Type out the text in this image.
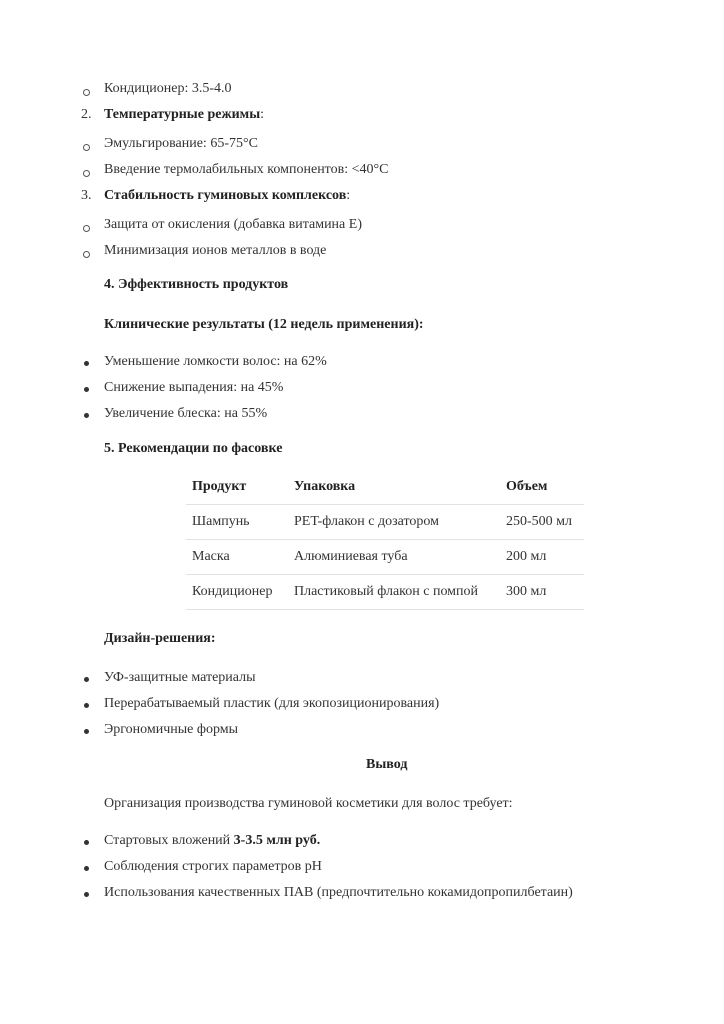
Кондиционер: 3.5-4.0
2. Температурные режимы:
Эмульгирование: 65-75°C
Введение термолабильных компонентов: <40°C
3. Стабильность гуминовых комплексов:
Защита от окисления (добавка витамина Е)
Минимизация ионов металлов в воде
4. Эффективность продуктов
Клинические результаты (12 недель применения):
Уменьшение ломкости волос: на 62%
Снижение выпадения: на 45%
Увеличение блеска: на 55%
5. Рекомендации по фасовке
Продукт	Упаковка	Объем
Шампунь	PET-флакон с дозатором	250-500 мл
Маска	Алюминиевая туба	200 мл
Кондиционер	Пластиковый флакон с помпой	300 мл
Дизайн-решения:
УФ-защитные материалы
Перерабатываемый пластик (для экопозиционирования)
Эргономичные формы
Вывод
Организация производства гуминовой косметики для волос требует:
Стартовых вложений 3-3.5 млн руб.
Соблюдения строгих параметров pH
Использования качественных ПАВ (предпочтительно кокамидопропилбетаин)
